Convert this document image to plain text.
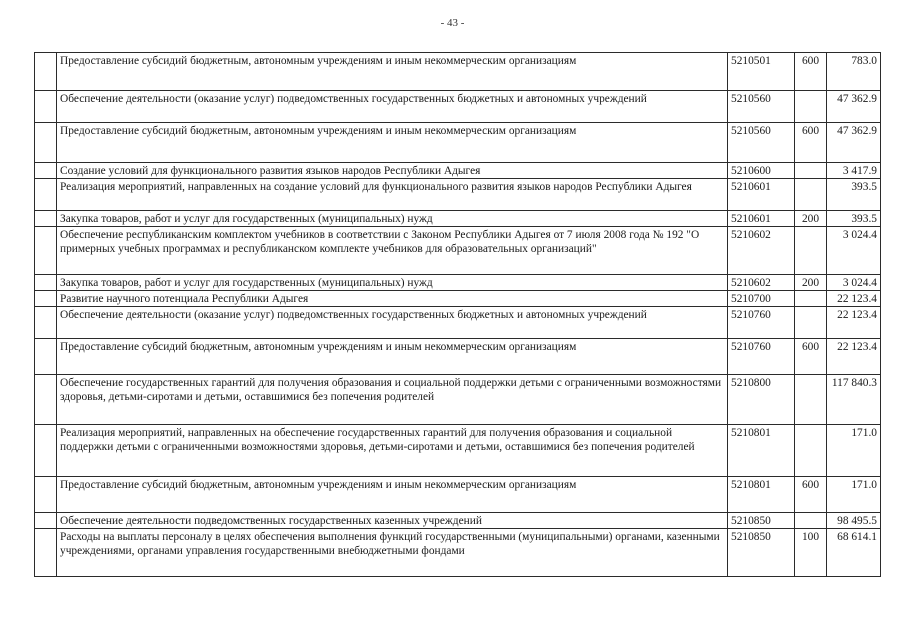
- 43 -
	Предоставление субсидий бюджетным, автономным учреждениям и иным некоммерческим организациям	5210501	600	783.0
	Обеспечение деятельности (оказание услуг) подведомственных государственных бюджетных и автономных учреждений	5210560		47 362.9
	Предоставление субсидий бюджетным, автономным учреждениям и иным некоммерческим организациям	5210560	600	47 362.9
	Создание условий для функционального развития языков народов Республики Адыгея	5210600		3 417.9
	Реализация мероприятий, направленных на создание условий для функционального развития языков народов Республики Адыгея	5210601		393.5
	Закупка товаров, работ и услуг для государственных (муниципальных) нужд	5210601	200	393.5
	Обеспечение республиканским комплектом учебников в соответствии с Законом Республики Адыгея от 7 июля 2008 года № 192 "О примерных учебных программах и республиканском комплекте учебников для образовательных организаций"	5210602		3 024.4
	Закупка товаров, работ и услуг для государственных (муниципальных) нужд	5210602	200	3 024.4
	Развитие научного потенциала Республики Адыгея	5210700		22 123.4
	Обеспечение деятельности (оказание услуг) подведомственных государственных бюджетных и автономных учреждений	5210760		22 123.4
	Предоставление субсидий бюджетным, автономным учреждениям и иным некоммерческим организациям	5210760	600	22 123.4
	Обеспечение государственных гарантий для получения образования и социальной поддержки детьми с ограниченными возможностями здоровья, детьми-сиротами и детьми, оставшимися без попечения родителей	5210800		117 840.3
	Реализация мероприятий, направленных на обеспечение государственных гарантий для получения образования и социальной поддержки детьми с ограниченными возможностями здоровья, детьми-сиротами и детьми, оставшимися без попечения родителей	5210801		171.0
	Предоставление субсидий бюджетным, автономным учреждениям и иным некоммерческим организациям	5210801	600	171.0
	Обеспечение деятельности подведомственных государственных казенных учреждений	5210850		98 495.5
	Расходы на выплаты персоналу в целях обеспечения выполнения функций государственными (муниципальными) органами, казенными учреждениями, органами управления государственными внебюджетными фондами	5210850	100	68 614.1
